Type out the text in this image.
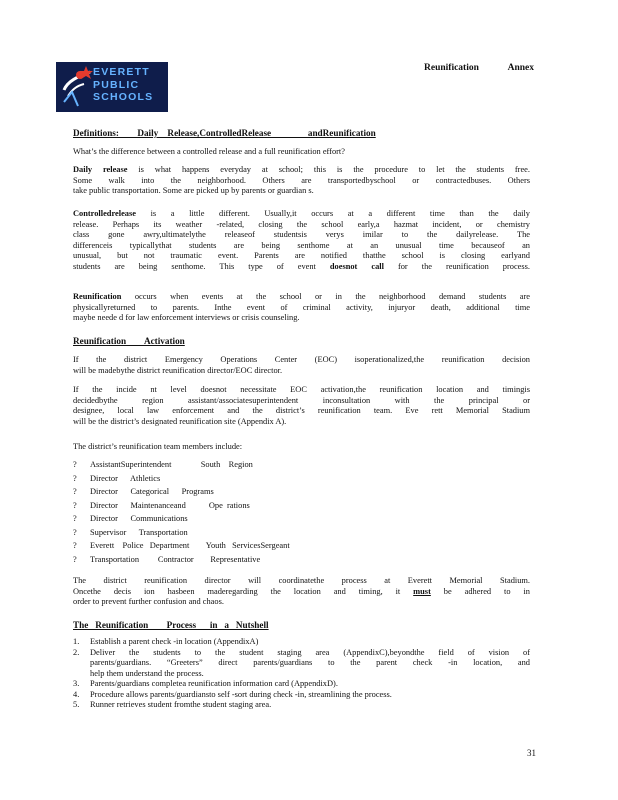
Reunification	Annex
EVERETT
PUBLIC
SCHOOLS
Definitions:        Daily    Release,ControlledRelease                andReunification
What’s the difference between a controlled release and a full reunification effort?
Daily release is what happens everyday at school; this is the procedure to let the students free.
Some walk into the neighborhood. Others are transportedbyschool or contractedbuses. Others
take public transportation. Some are picked up by parents or guardian s.
Controlledrelease is a little different. Usually,it occurs at a different time than the daily
release. Perhaps its weather -related, closing the school early,a hazmat incident, or chemistry
class gone awry,ultimatelythe releaseof studentsis verys imilar to the dailyrelease. The
differenceis typicallythat students are being senthome at an unusual time becauseof an
unusual, but not traumatic event. Parents are notified thatthe school is closing earlyand
students are being senthome. This type of event doesnot call for the reunification process.
Reunification occurs when events at the school or in the neighborhood demand students are
physicallyreturned to parents. Inthe event of criminal activity, injuryor death, additional time
maybe neede d for law enforcement interviews or crisis counseling.
Reunification        Activation
If the district Emergency Operations Center (EOC) isoperationalized,the reunification decision
will be madebythe district reunification director/EOC director.
If the incide nt level doesnot necessitate EOC activation,the reunification location and timingis
decidedbythe region assistant/associatesuperintendent inconsultation with the principal or
designee, local law enforcement and the district’s reunification team. Eve rett Memorial Stadium
will be the district’s designated reunification site (Appendix A).
The district’s reunification team members include:
?	AssistantSuperintendent              South    Region
?	Director      Athletics
?	Director      Categorical      Programs
?	Director      Maintenanceand           Ope  rations
?	Director      Communications
?	Supervisor      Transportation
?	Everett    Police   Department        Youth   ServicesSergeant
?	Transportation         Contractor        Representative
The district reunification director will coordinatethe process at Everett Memorial Stadium.
Oncethe decis ion hasbeen maderegarding the location and timing, it must be adhered to in
order to prevent further confusion and chaos.
The   Reunification        Process      in   a   Nutshell
1.	Establish a parent check -in location (AppendixA)
2.	Deliver the students to the student staging area (AppendixC),beyondthe field of vision of
parents/guardians. “Greeters” direct parents/guardians to the parent check -in location, and
help them understand the process.
3.	Parents/guardians completea reunification information card (AppendixD).
4.	Procedure allows parents/guardiansto self -sort during check -in, streamlining the process.
5.	Runner retrieves student fromthe student staging area.
31
